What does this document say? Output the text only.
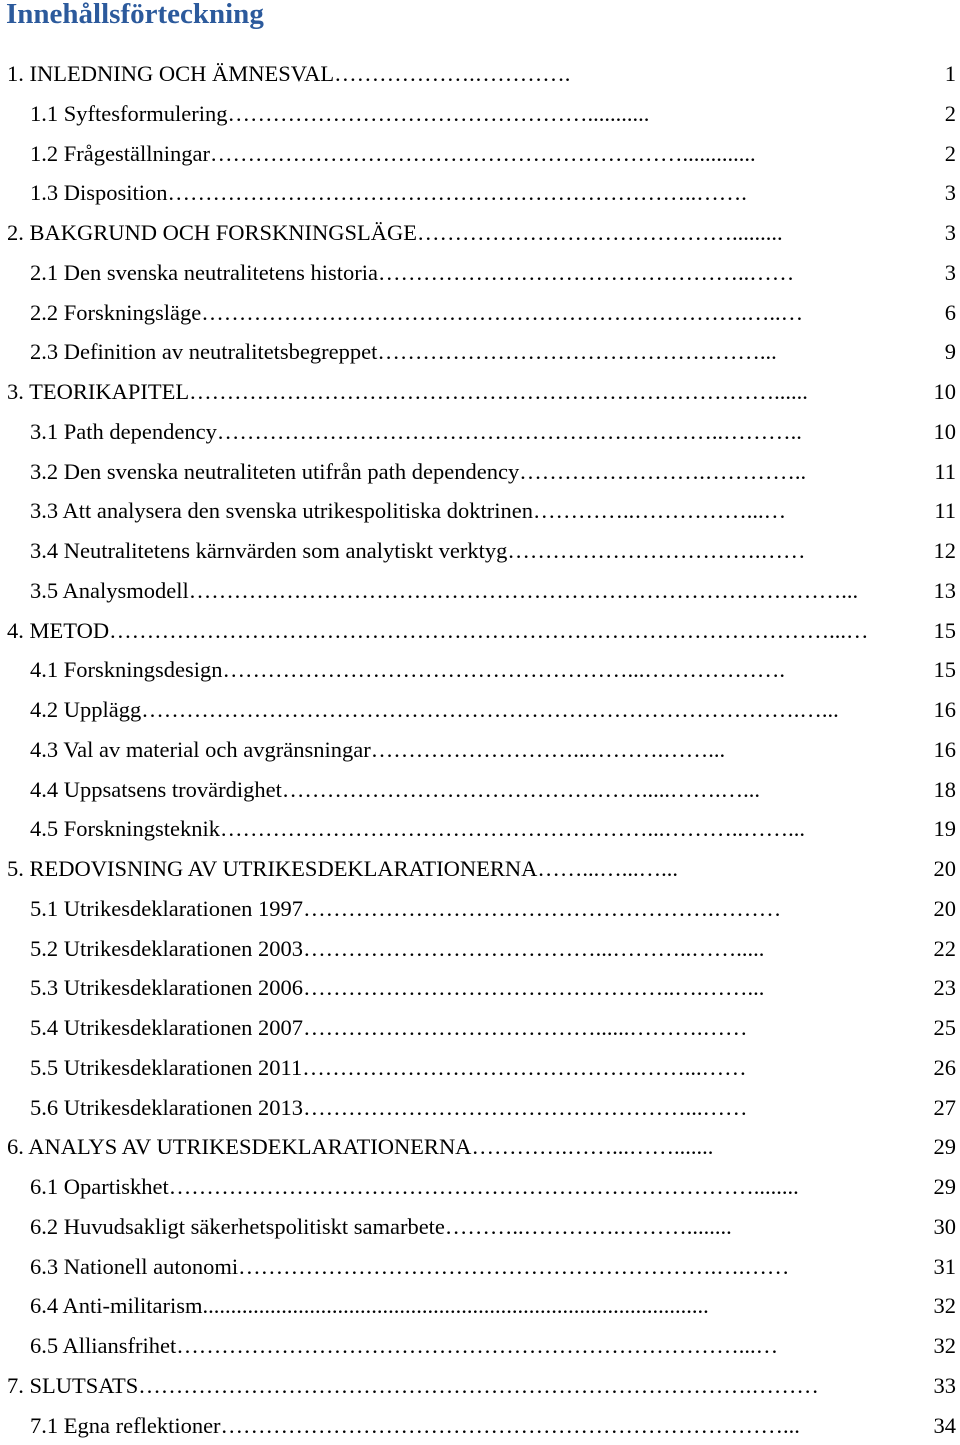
Innehållsförteckning
1. INLEDNING OCH ÄMNESVAL ……………….………….	1
1.1 Syftesformulering …………………………………………...........	2
1.2 Frågeställningar ……………………………………………………….............	2
1.3 Disposition ……………………………………………………………..…….	3
2. BAKGRUND OCH FORSKNINGSLÄGE …………………………………….........	3
2.1 Den svenska neutralitetens historia …………………………………………..……	3
2.2 Forskningsläge ……………………………………………………………….…..…	6
2.3 Definition av neutralitetsbegreppet ……………………………………………...	9
3. TEORIKAPITEL ……………………………………………………………………......	10
3.1 Path dependency …………………………………………………………..………..	10
3.2 Den svenska neutraliteten utifrån path dependency …………………….…………..	11
3.3 Att analysera den svenska utrikespolitiska doktrinen …………..……………...…	11
3.4 Neutralitetens kärnvärden som analytiskt verktyg …………………………….……	12
3.5 Analysmodell ……………………………………………………………………………...	13
4. METOD ……………………………………………………………………………………...…	15
4.1 Forskningsdesign ………………………………………………...……………….	15
4.2 Upplägg …………………………………………………………………………….…...	16
4.3 Val av material och avgränsningar ………………………...……….……...	16
4.4 Uppsatsens trovärdighet ………………………………………….....…….…...	18
4.5 Forskningsteknik …………………………………………………...………..……...	19
5. REDOVISNING AV UTRIKESDEKLARATIONERNA ……...…...…...	20
5.1 Utrikesdeklarationen 1997 ……………………………………………….………	20
5.2 Utrikesdeklarationen 2003 …………………………………...………..…….....	22
5.3 Utrikesdeklarationen 2006 …………………………………………..….……...	23
5.4 Utrikesdeklarationen 2007 …………………………………......……….……	25
5.5 Utrikesdeklarationen 2011 ……………………………………………...……	26
5.6 Utrikesdeklarationen 2013 ……………………………………………...……	27
6. ANALYS AV UTRIKESDEKLARATIONERNA ………….……...…….......	29
6.1 Opartiskhet ……………………………………………………………………........	29
6.2 Huvudsakligt säkerhetspolitiskt samarbete ………..………….………........	30
6.3 Nationell autonomi ……………………………………………………….….……	31
6.4 Anti-militarism ..........................................................................................	32
6.5 Alliansfrihet …………………………………………………………………...…	32
7. SLUTSATS ……………………………………………………………………….………	33
7.1 Egna reflektioner …………………………………………………………………...	34
